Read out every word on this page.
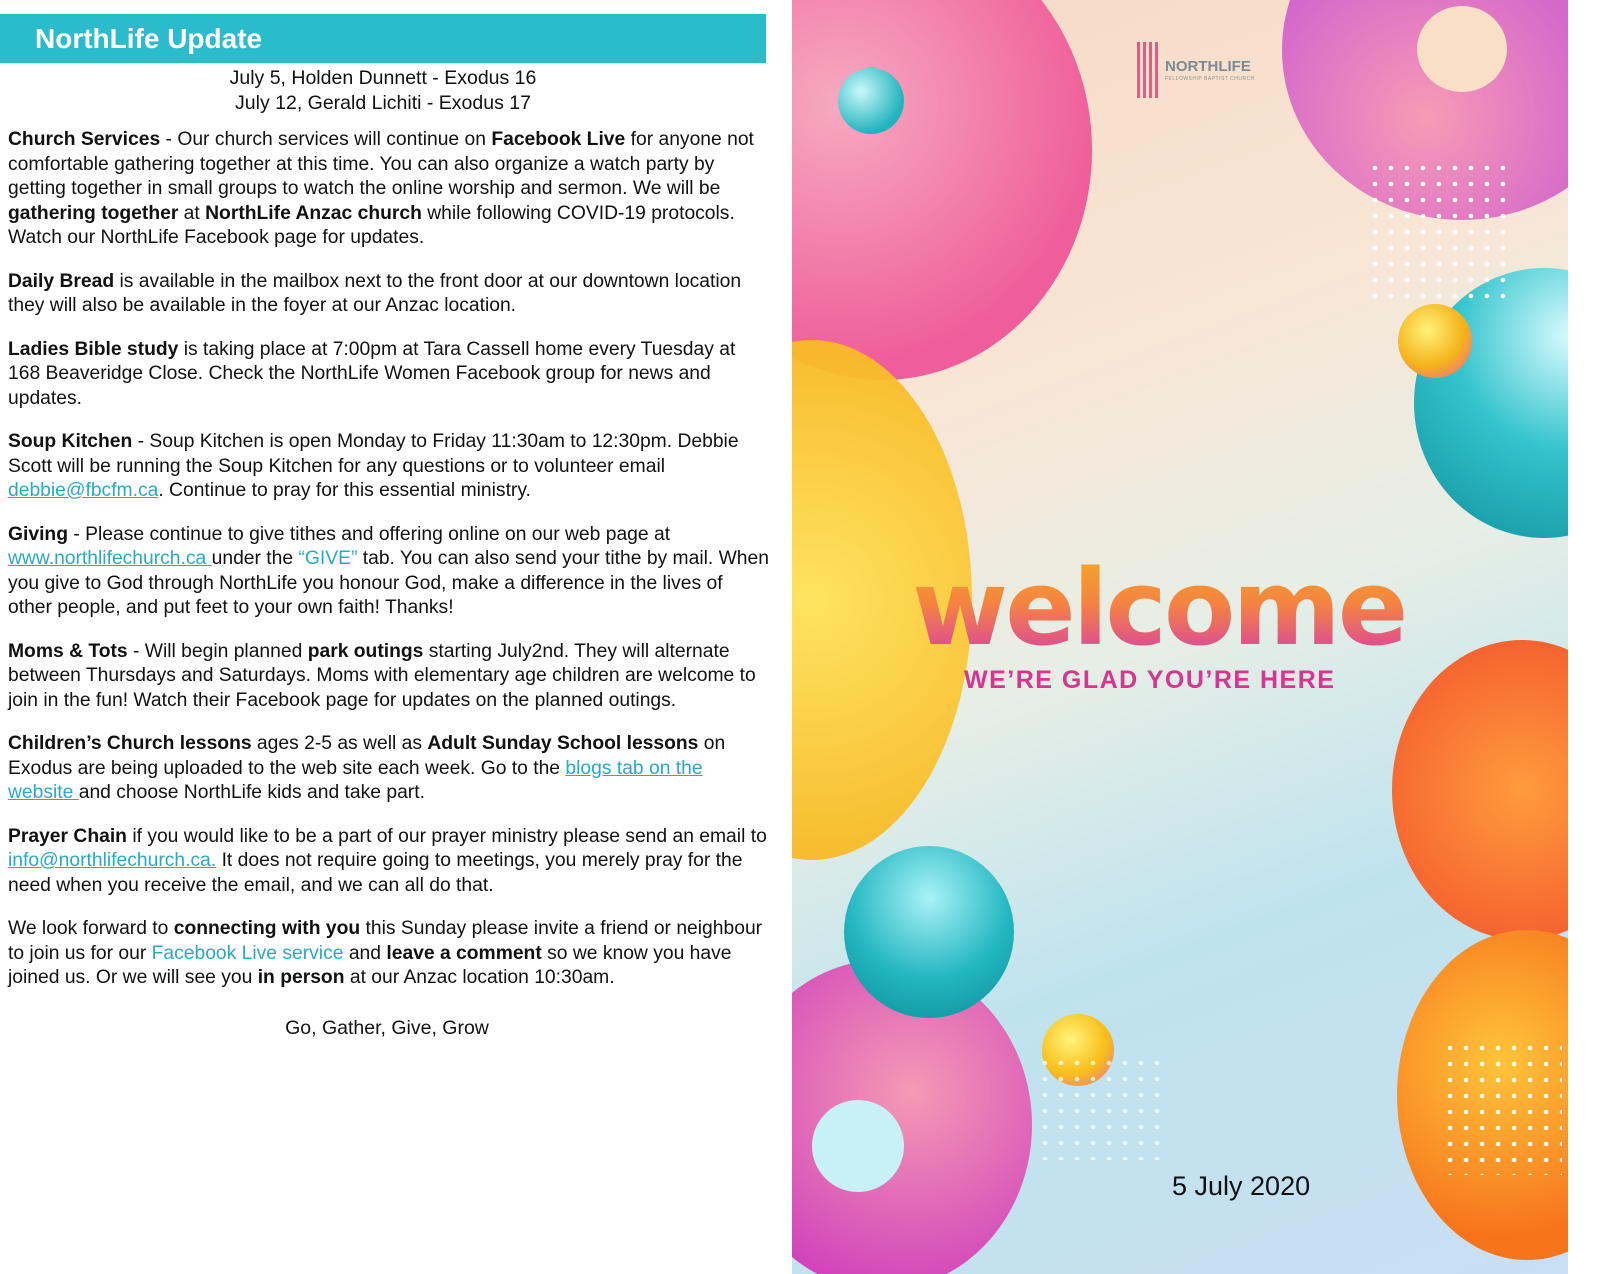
NorthLife Update
July 5, Holden Dunnett - Exodus 16
July 12, Gerald Lichiti - Exodus 17
Church Services - Our church services will continue on Facebook Live for anyone not comfortable gathering together at this time. You can also organize a watch party by getting together in small groups to watch the online worship and sermon. We will be gathering together at NorthLife Anzac church while following COVID-19 protocols. Watch our NorthLife Facebook page for updates.
Daily Bread is available in the mailbox next to the front door at our downtown location they will also be available in the foyer at our Anzac location.
Ladies Bible study is taking place at 7:00pm at Tara Cassell home every Tuesday at 168 Beaveridge Close. Check the NorthLife Women Facebook group for news and updates.
Soup Kitchen - Soup Kitchen is open Monday to Friday 11:30am to 12:30pm. Debbie Scott will be running the Soup Kitchen for any questions or to volunteer email debbie@fbcfm.ca. Continue to pray for this essential ministry.
Giving - Please continue to give tithes and offering online on our web page at www.northlifechurch.ca under the “GIVE” tab. You can also send your tithe by mail. When you give to God through NorthLife you honour God, make a difference in the lives of other people, and put feet to your own faith! Thanks!
Moms & Tots - Will begin planned park outings starting July2nd. They will alternate between Thursdays and Saturdays. Moms with elementary age children are welcome to join in the fun! Watch their Facebook page for updates on the planned outings.
Children’s Church lessons ages 2-5 as well as Adult Sunday School lessons on Exodus are being uploaded to the web site each week. Go to the blogs tab on the website and choose NorthLife kids and take part.
Prayer Chain if you would like to be a part of our prayer ministry please send an email to info@northlifechurch.ca. It does not require going to meetings, you merely pray for the need when you receive the email, and we can all do that.
We look forward to connecting with you this Sunday please invite a friend or neighbour to join us for our Facebook Live service and leave a comment so we know you have joined us. Or we will see you in person at our Anzac location 10:30am.
Go, Gather, Give, Grow
NORTHLIFE
FELLOWSHIP BAPTIST CHURCH
welcome
WE’RE GLAD YOU’RE HERE
5 July 2020
